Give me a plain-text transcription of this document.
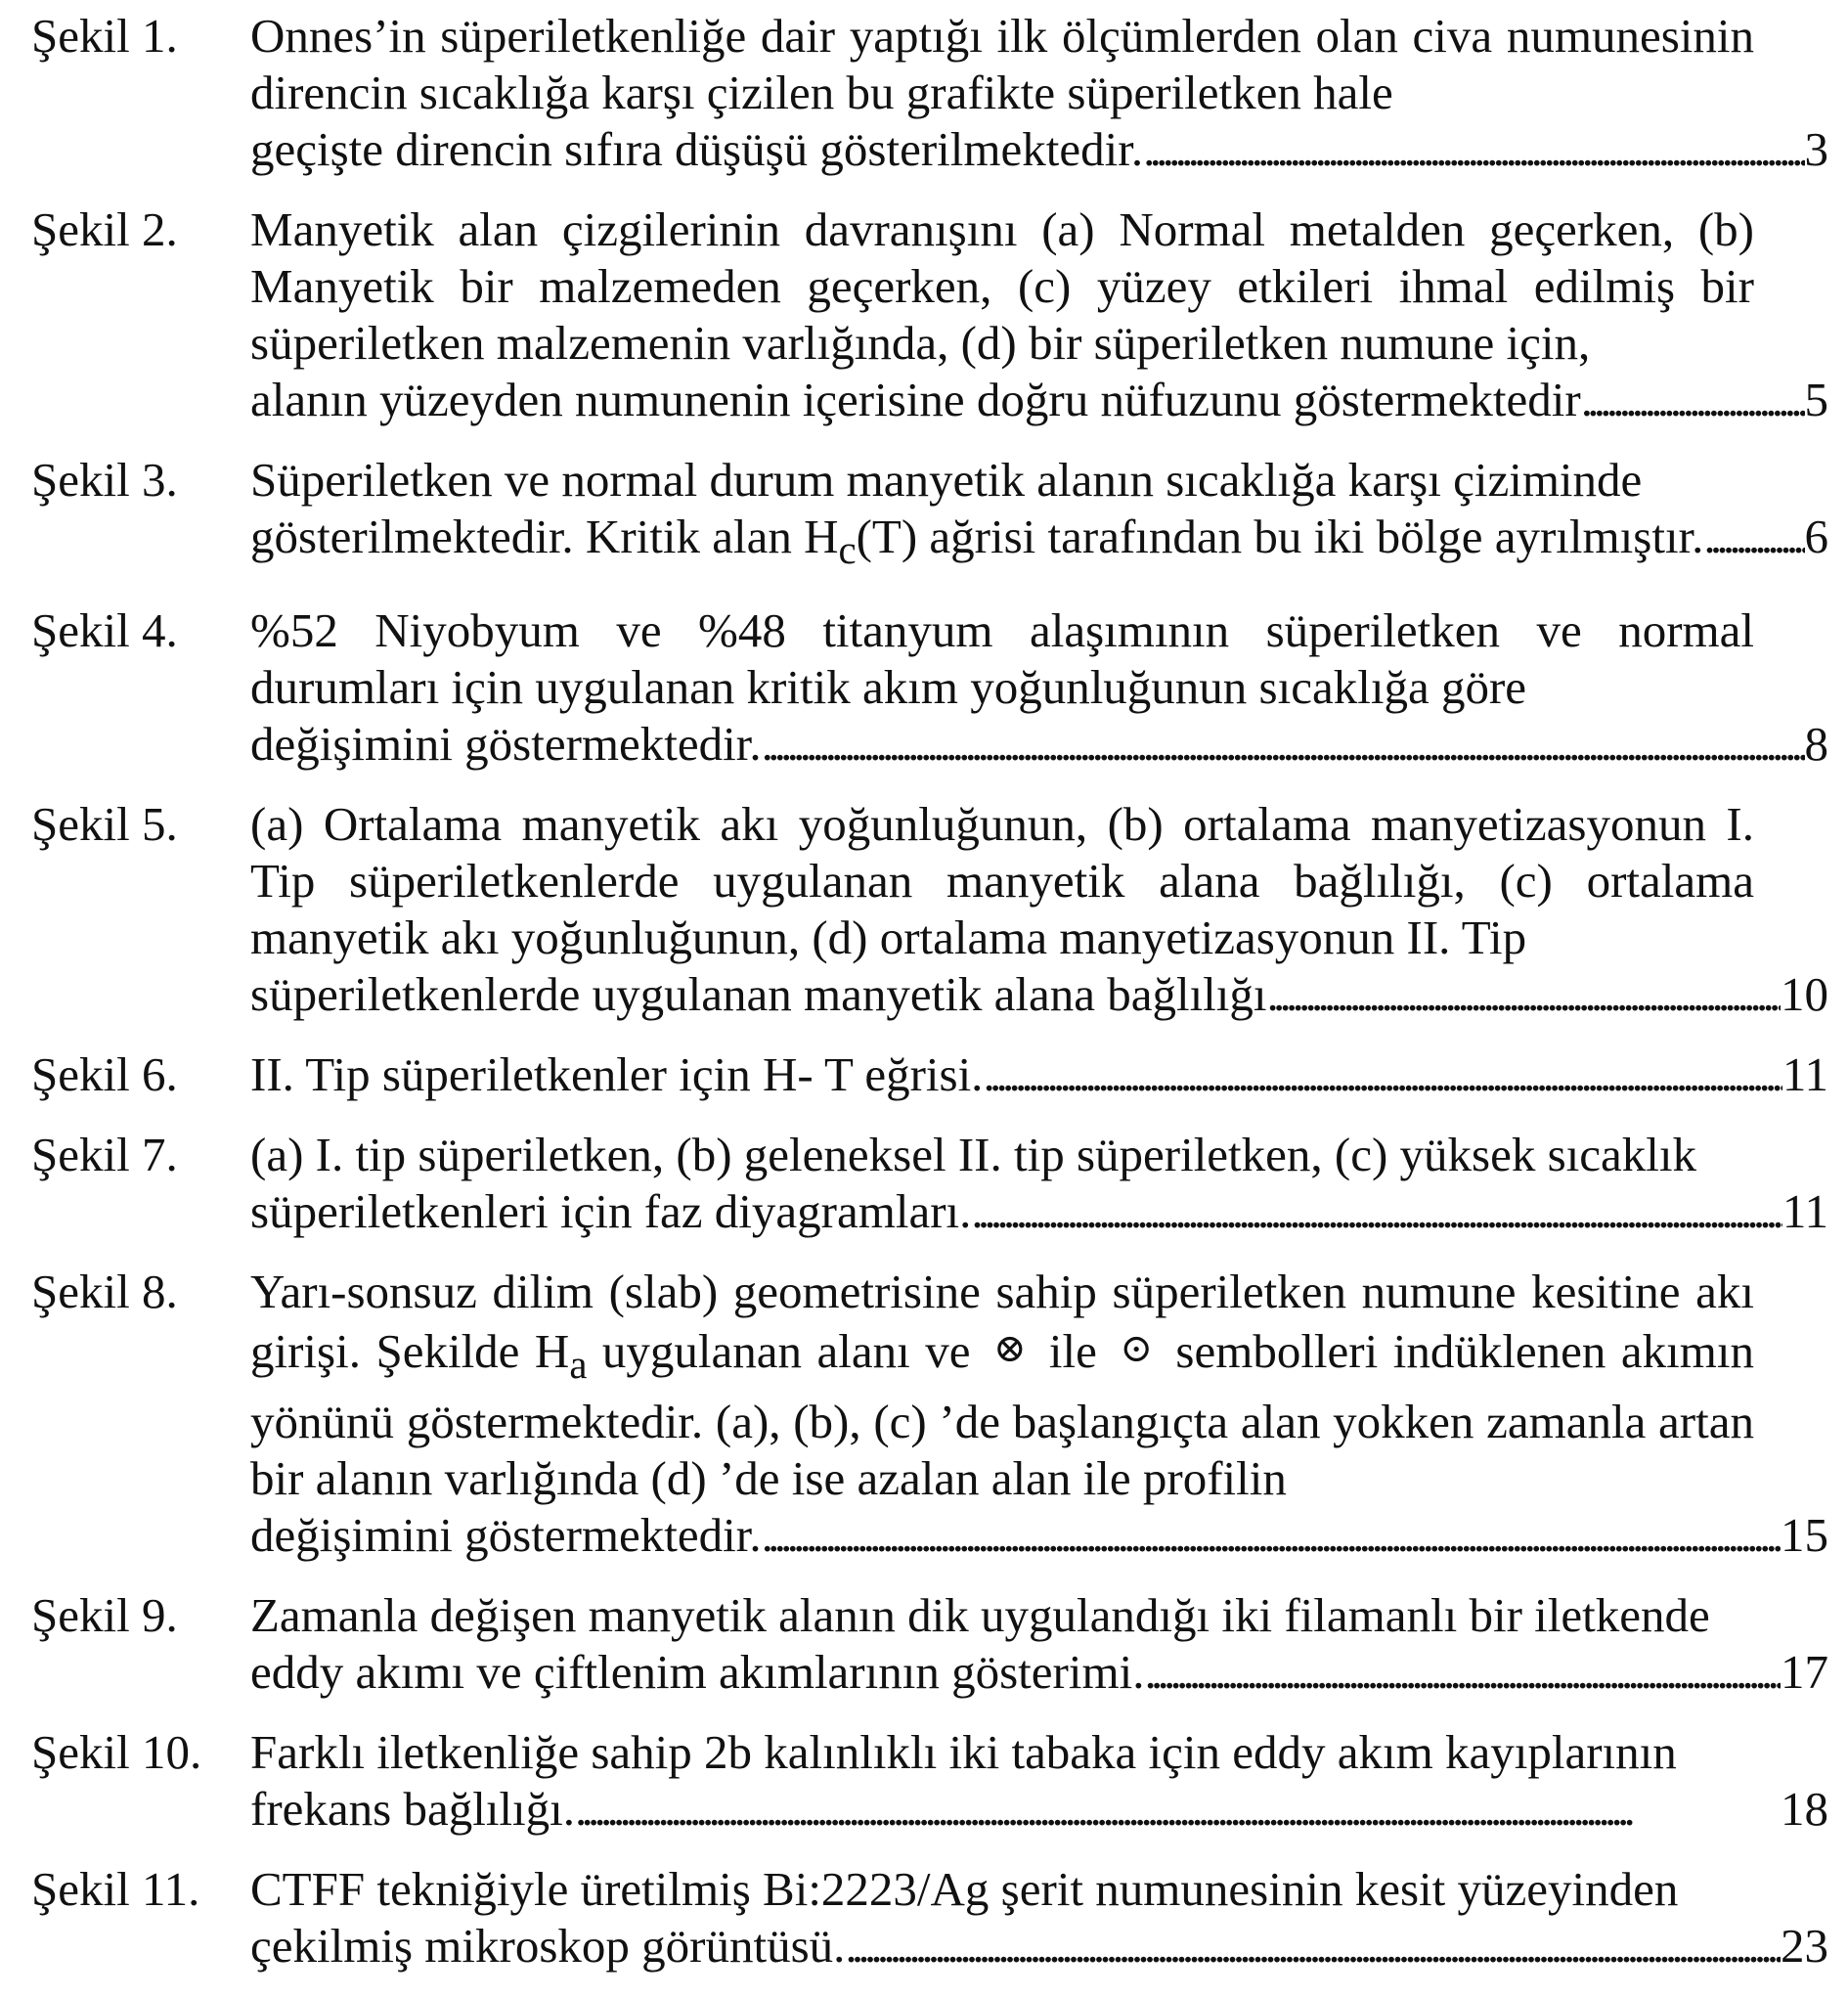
Şekil 1.	Onnes’in süperiletkenliğe dair yaptığı ilk ölçümlerden olan civa numunesinin direncin sıcaklığa karşı çizilen bu grafikte süperiletken hale
geçişte direncin sıfıra düşüşü gösterilmektedir. . . .	3
Şekil 2.	Manyetik alan çizgilerinin davranışını (a) Normal metalden geçerken, (b) Manyetik bir malzemeden geçerken, (c) yüzey etkileri ihmal edilmiş bir süperiletken malzemenin varlığında, (d) bir süperiletken numune için,
alanın yüzeyden numunenin içerisine doğru nüfuzunu göstermektedir . . .	5
Şekil 3.	Süperiletken ve normal durum manyetik alanın sıcaklığa karşı çiziminde
gösterilmektedir. Kritik alan $H_c(T)$ ağrisi tarafından bu iki bölge ayrılmıştır. . . . 6
Şekil 4.	%52 Niyobyum ve %48 titanyum alaşımının süperiletken ve normal durumları için uygulanan kritik akım yoğunluğunun sıcaklığa göre
değişimini göstermektedir. . . .	8
Şekil 5.	(a) Ortalama manyetik akı yoğunluğunun, (b) ortalama manyetizasyonun I. Tip süperiletkenlerde uygulanan manyetik alana bağlılığı, (c) ortalama manyetik akı yoğunluğunun, (d) ortalama manyetizasyonun II. Tip
süperiletkenlerde uygulanan manyetik alana bağlılığı . . .	10
Şekil 6.	II. Tip süperiletkenler için H- T eğrisi. . . .	11
Şekil 7.	(a) I. tip süperiletken, (b) geleneksel II. tip süperiletken, (c) yüksek sıcaklık
süperiletkenleri için faz diyagramları. . . .	11
Şekil 8.	Yarı-sonsuz dilim (slab) geometrisine sahip süperiletken numune kesitine akı girişi. Şekilde $H_a$ uygulanan alanı ve ⊗ ile ⊙ sembolleri indüklenen akımın yönünü göstermektedir. (a), (b), (c) ’de başlangıçta alan yokken zamanla artan bir alanın varlığında (d) ’de ise azalan alan ile profilin
değişimini göstermektedir. . . .	15
Şekil 9.	Zamanla değişen manyetik alanın dik uygulandığı iki filamanlı bir iletkende
eddy akımı ve çiftlenim akımlarının gösterimi. . . .	17
Şekil 10.	Farklı iletkenliğe sahip 2b kalınlıklı iki tabaka için eddy akım kayıplarının
frekans bağlılığı. . . .	18
Şekil 11.	CTFF tekniğiyle üretilmiş Bi:2223/Ag şerit numunesinin kesit yüzeyinden
çekilmiş mikroskop görüntüsü. . . .	23
